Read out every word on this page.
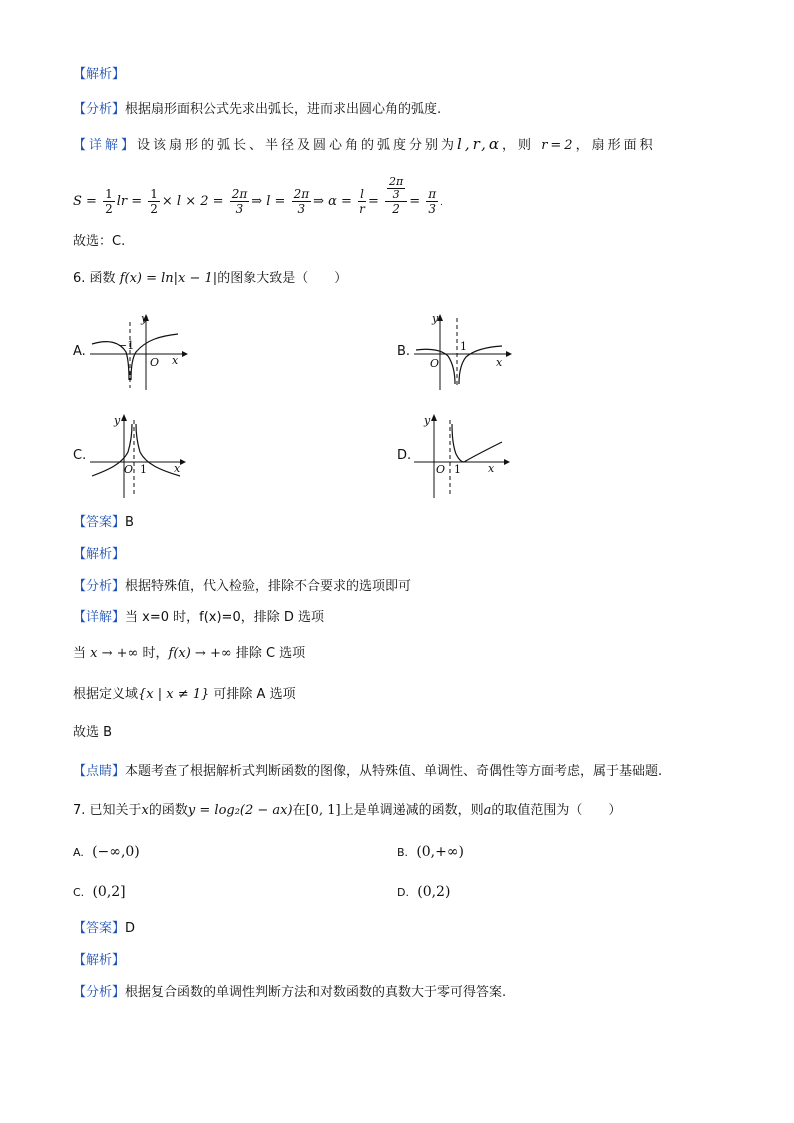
【解析】
【分析】根据扇形面积公式先求出弧长，进而求出圆心角的弧度.
【详解】设该扇形的弧长、半径及圆心角的弧度分别为l,r,α，则 r=2，扇形面积
$S = \frac{1}{2}$ lr = $\frac{1}{2} \times l \times 2 = \frac{2\pi}{3}$ ⇒ $l = \frac{2\pi}{3}$ ⇒ $\alpha = \frac{l}{r} = \frac{\frac{2\pi}{3}}{2} = \frac{\pi}{3}$ .
故选：C.
6. 函数 f(x) = ln|x − 1|的图象大致是（　　）
A.
y
−1
O x
B.
y
1
O	x
C.
y
O 1 x
D.
y
O 1 x
【答案】B
【解析】
【分析】根据特殊值，代入检验，排除不合要求的选项即可
【详解】当 x=0 时，f(x)=0，排除 D 选项
当 x → +∞ 时，f(x) → +∞ 排除 C 选项
根据定义域{x | x ≠ 1} 可排除 A 选项
故选 B
【点睛】本题考查了根据解析式判断函数的图像，从特殊值、单调性、奇偶性等方面考虑，属于基础题.
7. 已知关于x的函数y = log₂(2 − ax)在[0, 1]上是单调递减的函数，则a的取值范围为（　　）
A. (−∞,0)	B. (0,+∞)
C. (0,2]	D. (0,2)
【答案】D
【解析】
【分析】根据复合函数的单调性判断方法和对数函数的真数大于零可得答案.
